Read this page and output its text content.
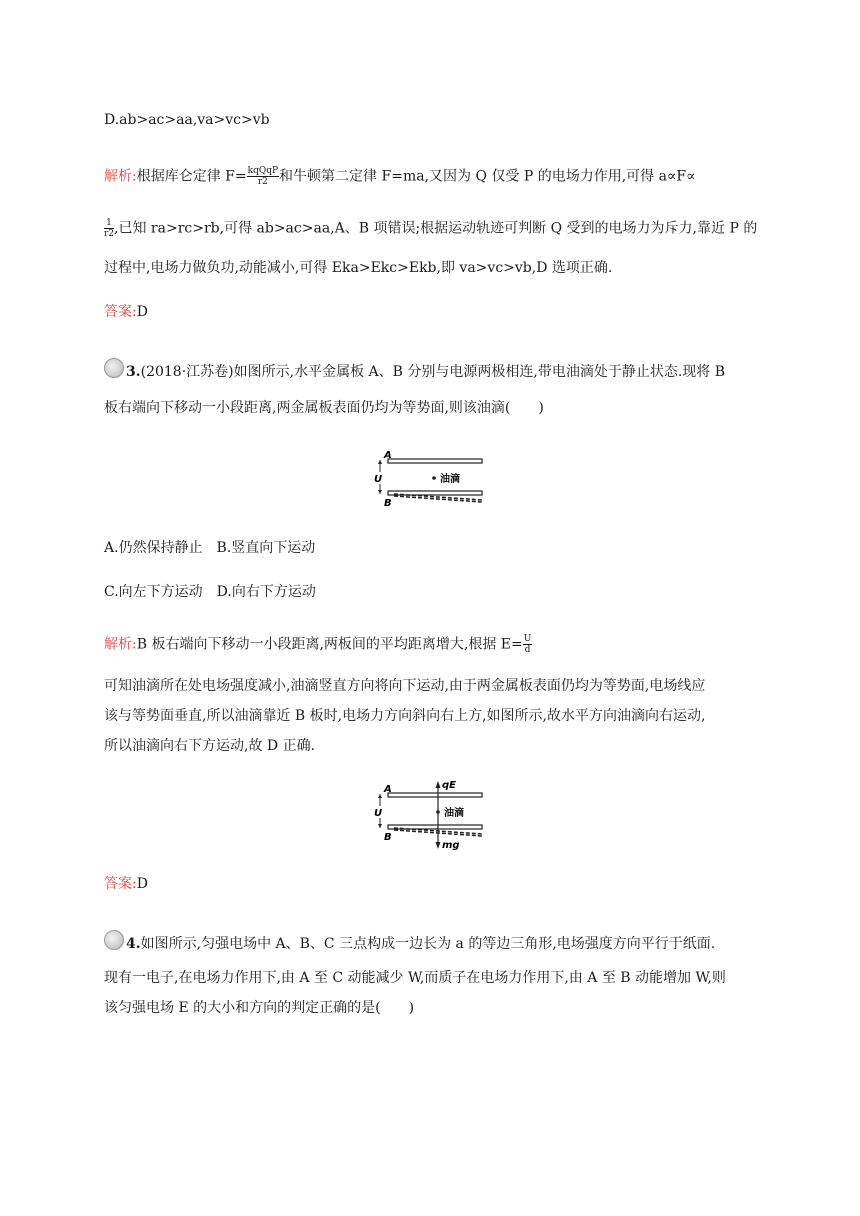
D.ab>ac>aa,va>vc>vb
解析:根据库仑定律 $F= \frac{\text{kqQqP}}{r2}$ 和牛顿第二定律 F=ma,又因为 Q 仅受 P 的电场力作用,可得 a∝F∝
$\frac{1}{r2}$ ,已知 ra>rc>rb,可得 ab>ac>aa,A、B 项错误;根据运动轨迹可判断 Q 受到的电场力为斥力,靠近 P 的
过程中,电场力做负功,动能减小,可得 Eka>Ekc>Ekb,即 va>vc>vb,D 选项正确.
答案:D
3.(2018·江苏卷)如图所示,水平金属板 A、B 分别与电源两极相连,带电油滴处于静止状态.现将 B
板右端向下移动一小段距离,两金属板表面仍均为等势面,则该油滴(　　)
A
B
U	油滴
A.仍然保持静止　B.竖直向下运动
C.向左下方运动　D.向右下方运动
解析:B 板右端向下移动一小段距离,两板间的平均距离增大,根据 $E= \frac{U}{d}$
可知油滴所在处电场强度减小,油滴竖直方向将向下运动,由于两金属板表面仍均为等势面,电场线应
该与等势面垂直,所以油滴靠近 B 板时,电场力方向斜向右上方,如图所示,故水平方向油滴向右运动,
所以油滴向右下方运动,故 D 正确.
A
B
U
qE
油滴
mg
答案:D
4.如图所示,匀强电场中 A、B、C 三点构成一边长为 a 的等边三角形,电场强度方向平行于纸面.
现有一电子,在电场力作用下,由 A 至 C 动能减少 W,而质子在电场力作用下,由 A 至 B 动能增加 W,则
该匀强电场 E 的大小和方向的判定正确的是(　　)
